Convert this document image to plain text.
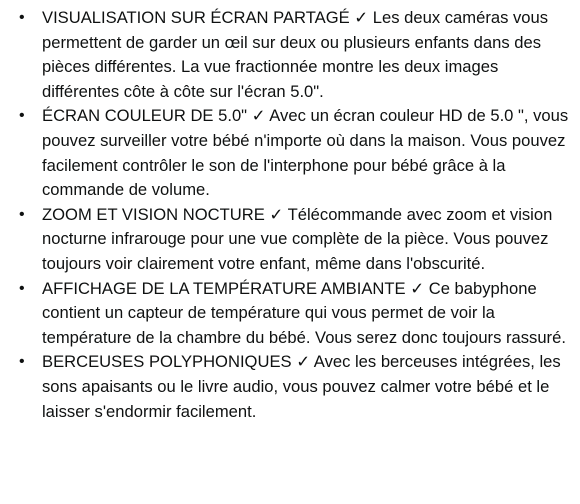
• VISUALISATION SUR ÉCRAN PARTAGÉ ✓ Les deux caméras vous permettent de garder un œil sur deux ou plusieurs enfants dans des pièces différentes. La vue fractionnée montre les deux images différentes côte à côte sur l'écran 5.0".
• ÉCRAN COULEUR DE 5.0" ✓ Avec un écran couleur HD de 5.0 ", vous pouvez surveiller votre bébé n'importe où dans la maison. Vous pouvez facilement contrôler le son de l'interphone pour bébé grâce à la commande de volume.
• ZOOM ET VISION NOCTURE ✓ Télécommande avec zoom et vision nocturne infrarouge pour une vue complète de la pièce. Vous pouvez toujours voir clairement votre enfant, même dans l'obscurité.
• AFFICHAGE DE LA TEMPÉRATURE AMBIANTE ✓ Ce babyphone contient un capteur de température qui vous permet de voir la température de la chambre du bébé. Vous serez donc toujours rassuré.
• BERCEUSES POLYPHONIQUES ✓ Avec les berceuses intégrées, les sons apaisants ou le livre audio, vous pouvez calmer votre bébé et le laisser s'endormir facilement.
